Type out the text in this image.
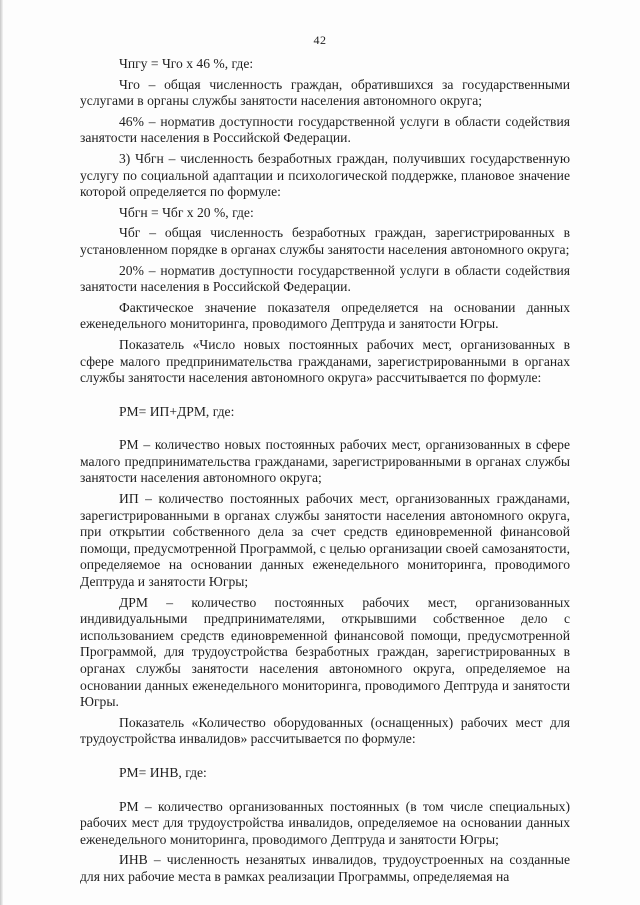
42

Чпгу = Чго x 46 %, где:

Чго – общая численность граждан, обратившихся за государственными услугами в органы службы занятости населения автономного округа;

46% – норматив доступности государственной услуги в области содействия занятости населения в Российской Федерации.

3) Чбгн – численность безработных граждан, получивших государственную услугу по социальной адаптации и психологической поддержке, плановое значение которой определяется по формуле:

Чбгн = Чбг x 20 %, где:

Чбг – общая численность безработных граждан, зарегистрированных в установленном порядке в органах службы занятости населения автономного округа;

20% – норматив доступности государственной услуги в области содействия занятости населения в Российской Федерации.

Фактическое значение показателя определяется на основании данных еженедельного мониторинга, проводимого Дептруда и занятости Югры.

Показатель «Число новых постоянных рабочих мест, организованных в сфере малого предпринимательства гражданами, зарегистрированными в органах службы занятости населения автономного округа» рассчитывается по формуле:

РМ= ИП+ДРМ, где:

РМ – количество новых постоянных рабочих мест, организованных в сфере малого предпринимательства гражданами, зарегистрированными в органах службы занятости населения автономного округа;

ИП – количество постоянных рабочих мест, организованных гражданами, зарегистрированными в органах службы занятости населения автономного округа, при открытии собственного дела за счет средств единовременной финансовой помощи, предусмотренной Программой, с целью организации своей самозанятости, определяемое на основании данных еженедельного мониторинга, проводимого Дептруда и занятости Югры;

ДРМ – количество постоянных рабочих мест, организованных индивидуальными предпринимателями, открывшими собственное дело с использованием средств единовременной финансовой помощи, предусмотренной Программой, для трудоустройства безработных граждан, зарегистрированных в органах службы занятости населения автономного округа, определяемое на основании данных еженедельного мониторинга, проводимого Дептруда и занятости Югры.

Показатель «Количество оборудованных (оснащенных) рабочих мест для трудоустройства инвалидов» рассчитывается по формуле:

РМ= ИНВ, где:

РМ – количество организованных постоянных (в том числе специальных) рабочих мест для трудоустройства инвалидов, определяемое на основании данных еженедельного мониторинга, проводимого Дептруда и занятости Югры;

ИНВ – численность незанятых инвалидов, трудоустроенных на созданные для них рабочие места в рамках реализации Программы, определяемая на
